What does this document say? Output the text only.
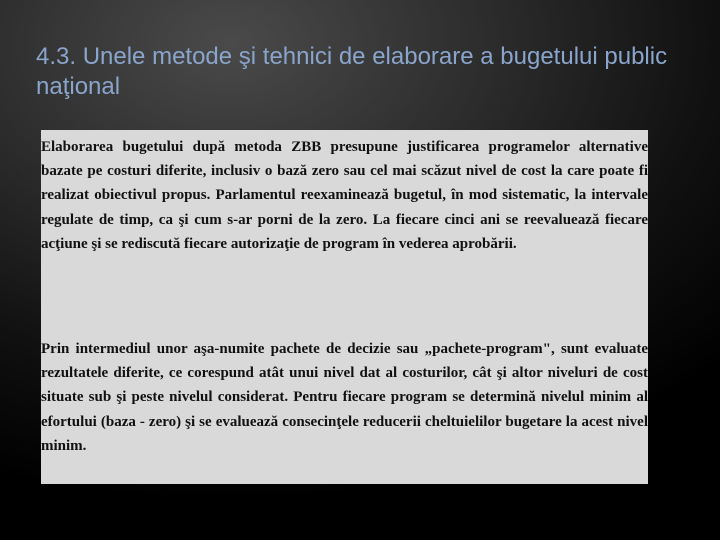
4.3. Unele metode şi tehnici de elaborare a bugetului public naţional

Elaborarea bugetului după metoda ZBB presupune justificarea programelor alternative bazate pe costuri diferite, inclusiv o bază zero sau cel mai scăzut nivel de cost la care poate fi realizat obiectivul propus. Parlamentul reexaminează bugetul, în mod sistematic, la intervale regulate de timp, ca şi cum s-ar porni de la zero. La fiecare cinci ani se reevaluează fiecare acţiune şi se rediscută fiecare autorizaţie de program în vederea aprobării.

Prin intermediul unor aşa-numite pachete de decizie sau „pachete-program", sunt evaluate rezultatele diferite, ce corespund atât unui nivel dat al costurilor, cât şi altor niveluri de cost situate sub şi peste nivelul considerat. Pentru fiecare program se determină nivelul minim al efortului (baza - zero) şi se evaluează consecinţele reducerii cheltuielilor bugetare la acest nivel minim.
